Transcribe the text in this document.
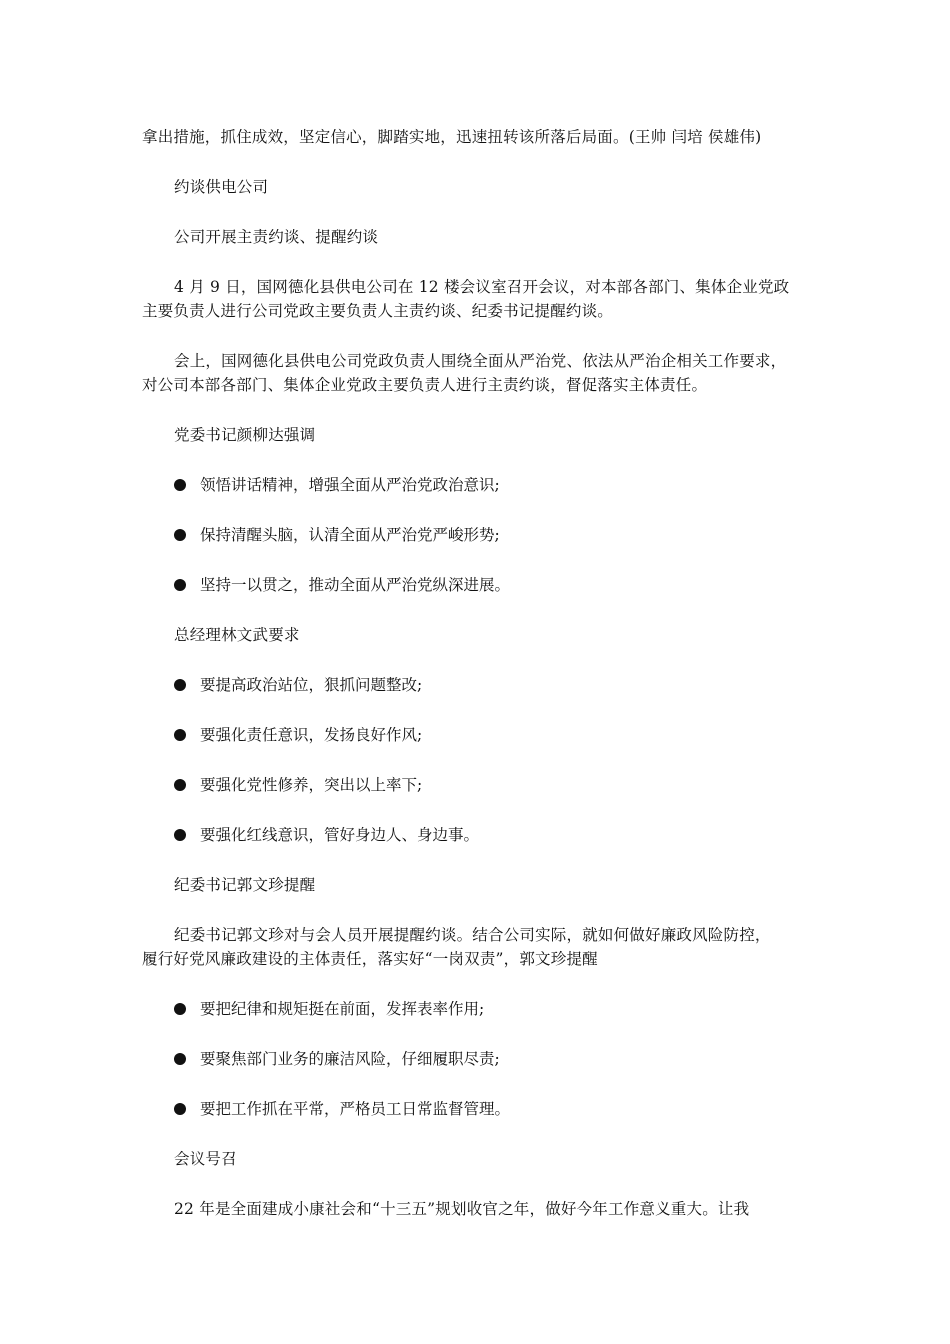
拿出措施，抓住成效，坚定信心，脚踏实地，迅速扭转该所落后局面。(王帅 闫培 侯雄伟)
约谈供电公司
公司开展主责约谈、提醒约谈
4 月 9 日，国网德化县供电公司在 12 楼会议室召开会议，对本部各部门、集体企业党政
主要负责人进行公司党政主要负责人主责约谈、纪委书记提醒约谈。
会上，国网德化县供电公司党政负责人围绕全面从严治党、依法从严治企相关工作要求，
对公司本部各部门、集体企业党政主要负责人进行主责约谈，督促落实主体责任。
党委书记颜柳达强调
领悟讲话精神，增强全面从严治党政治意识;
保持清醒头脑，认清全面从严治党严峻形势;
坚持一以贯之，推动全面从严治党纵深进展。
总经理林文武要求
要提高政治站位，狠抓问题整改;
要强化责任意识，发扬良好作风;
要强化党性修养，突出以上率下;
要强化红线意识，管好身边人、身边事。
纪委书记郭文珍提醒
纪委书记郭文珍对与会人员开展提醒约谈。结合公司实际，就如何做好廉政风险防控，
履行好党风廉政建设的主体责任，落实好“一岗双责”，郭文珍提醒
要把纪律和规矩挺在前面，发挥表率作用;
要聚焦部门业务的廉洁风险，仔细履职尽责;
要把工作抓在平常，严格员工日常监督管理。
会议号召
22 年是全面建成小康社会和“十三五”规划收官之年，做好今年工作意义重大。让我
